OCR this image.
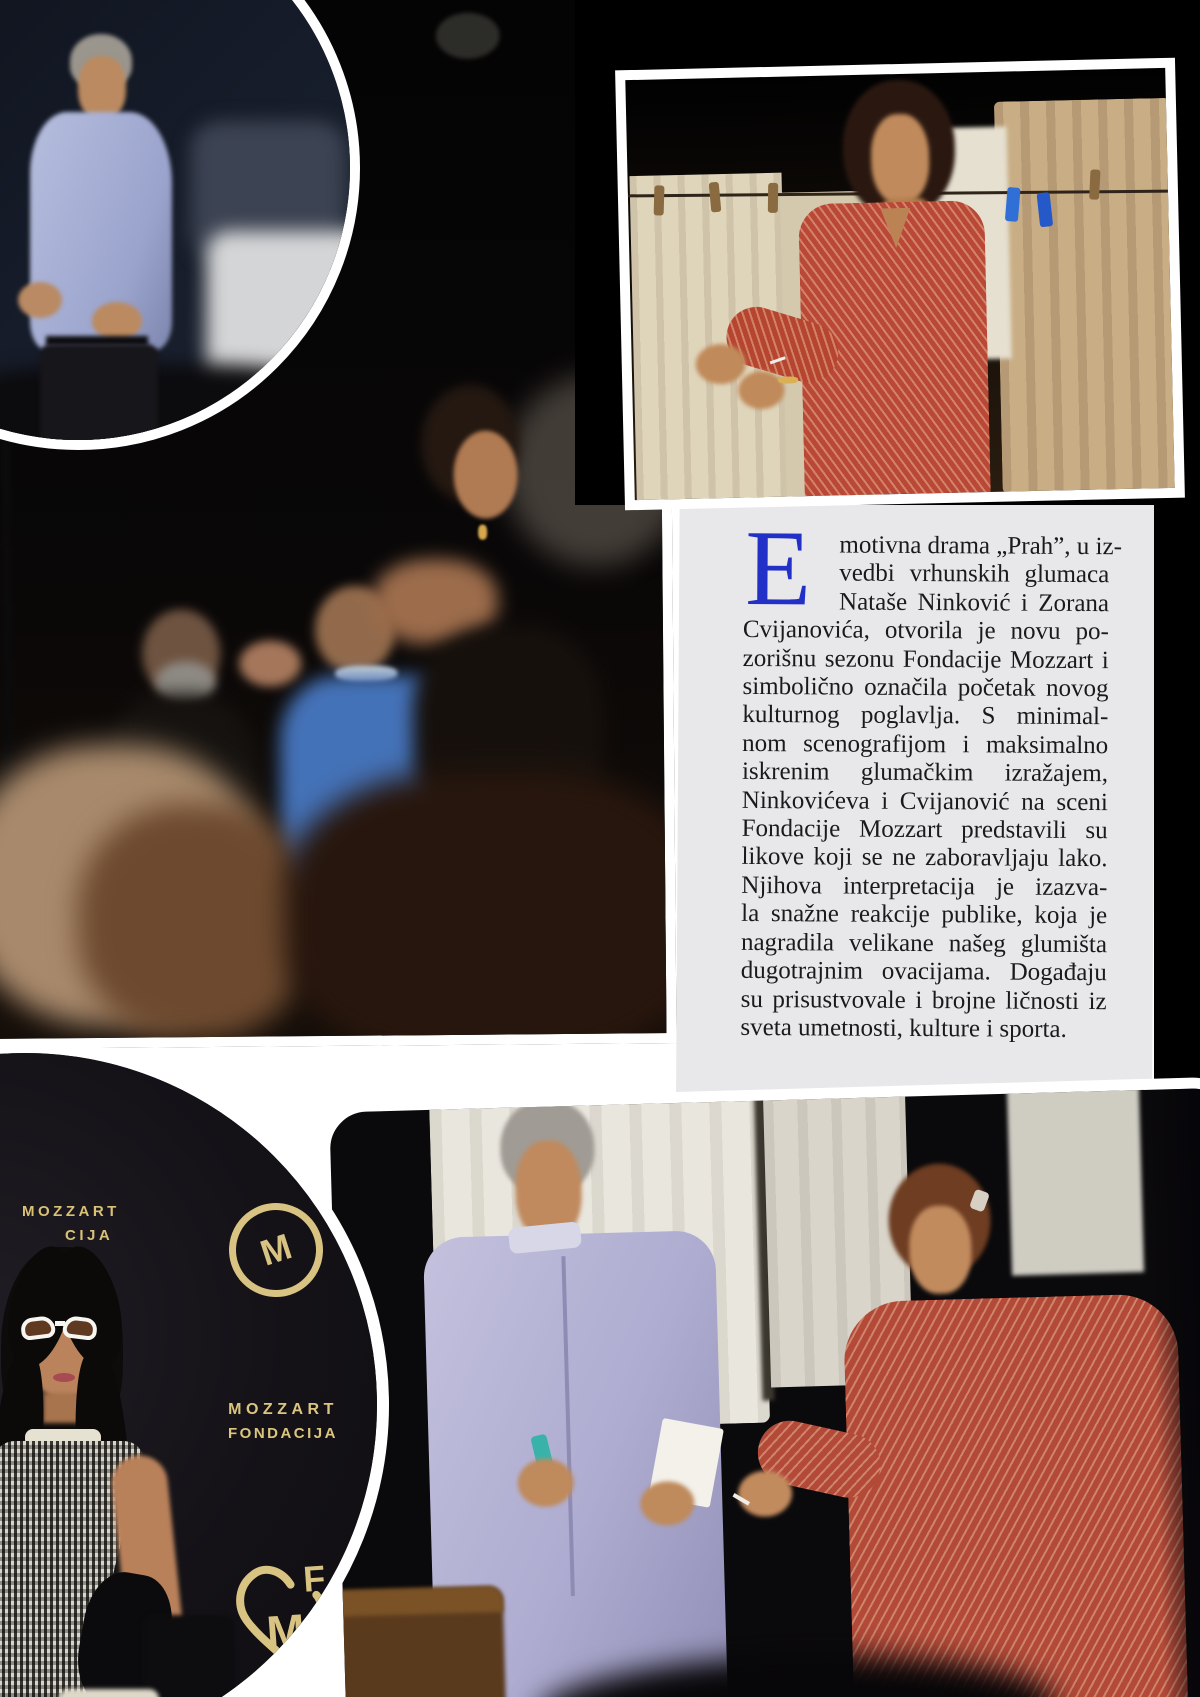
E motivna drama „Prah”, u iz-
vedbi vrhunskih glumaca
Nataše Ninković i Zorana
Cvijanovića, otvorila je novu po-
zorišnu sezonu Fondacije Mozzart i
simbolično označila početak novog
kulturnog poglavlja. S minimal-
nom scenografijom i maksimalno
iskrenim glumačkim izražajem,
Ninkovićeva i Cvijanović na sceni
Fondacije Mozzart predstavili su
likove koji se ne zaboravljaju lako.
Njihova interpretacija je izazva-
la snažne reakcije publike, koja je
nagradila velikane našeg glumišta
dugotrajnim ovacijama. Događaju
su prisustvovale i brojne ličnosti iz
sveta umetnosti, kulture i sporta.
MOZZART
CIJA	M
MOZZART
FONDACIJA
M
F
